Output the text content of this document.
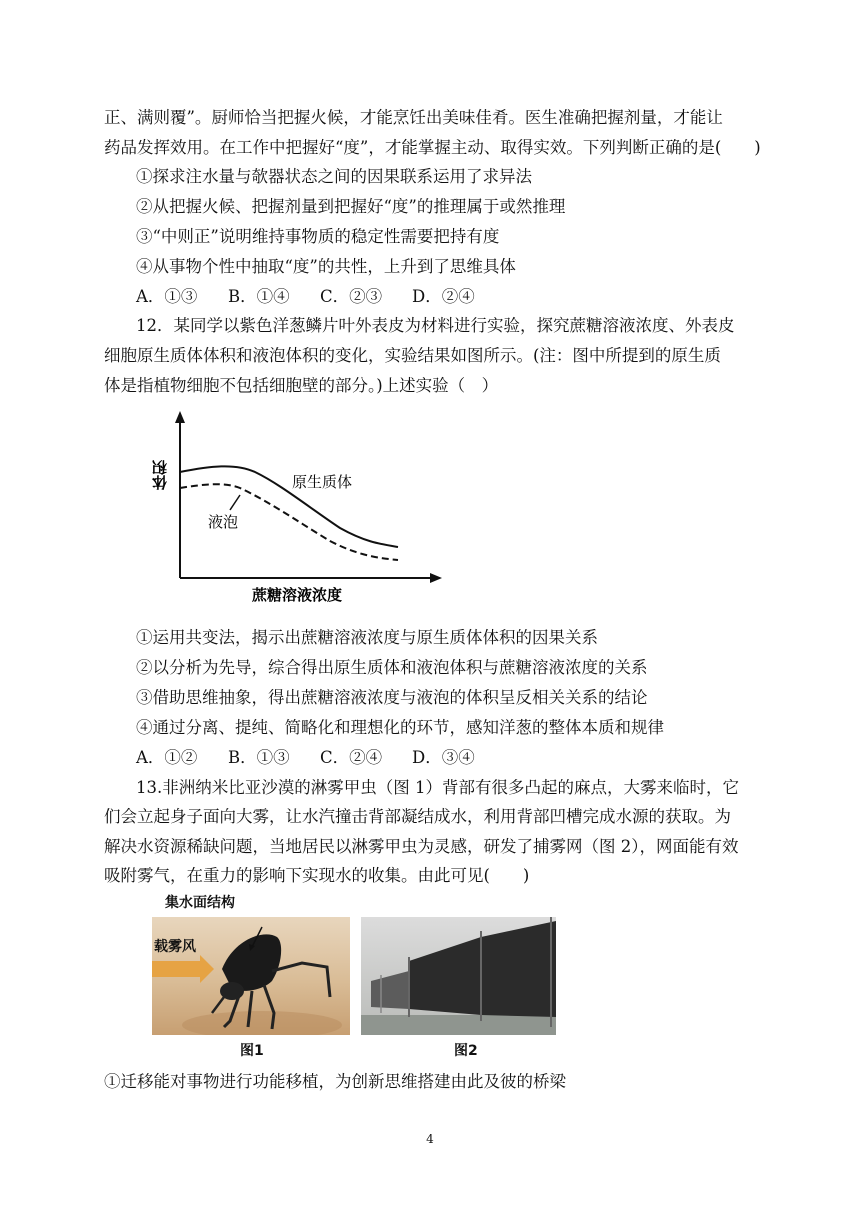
正、满则覆”。厨师恰当把握火候，才能烹饪出美味佳肴。医生准确把握剂量，才能让
药品发挥效用。在工作中把握好“度”，才能掌握主动、取得实效。下列判断正确的是(　　)
①探求注水量与欹器状态之间的因果联系运用了求异法
②从把握火候、把握剂量到把握好“度”的推理属于或然推理
③“中则正”说明维持事物质的稳定性需要把持有度
④从事物个性中抽取“度”的共性，上升到了思维具体
A．①③ B．①④ C．②③ D．②④
12．某同学以紫色洋葱鳞片叶外表皮为材料进行实验，探究蔗糖溶液浓度、外表皮
细胞原生质体体积和液泡体积的变化，实验结果如图所示。(注：图中所提到的原生质
体是指植物细胞不包括细胞壁的部分。)上述实验（　）
体积	原生质体
液泡
蔗糖溶液浓度
①运用共变法，揭示出蔗糖溶液浓度与原生质体体积的因果关系
②以分析为先导，综合得出原生质体和液泡体积与蔗糖溶液浓度的关系
③借助思维抽象，得出蔗糖溶液浓度与液泡的体积呈反相关关系的结论
④通过分离、提纯、简略化和理想化的环节，感知洋葱的整体本质和规律
A．①② B．①③ C．②④ D．③④
13.非洲纳米比亚沙漠的淋雾甲虫（图 1）背部有很多凸起的麻点，大雾来临时，它
们会立起身子面向大雾，让水汽撞击背部凝结成水，利用背部凹槽完成水源的获取。为
解决水资源稀缺问题，当地居民以淋雾甲虫为灵感，研发了捕雾网（图 2），网面能有效
吸附雾气，在重力的影响下实现水的收集。由此可见(　　)
集水面结构
载雾风
图1	图2
①迁移能对事物进行功能移植，为创新思维搭建由此及彼的桥梁
4
